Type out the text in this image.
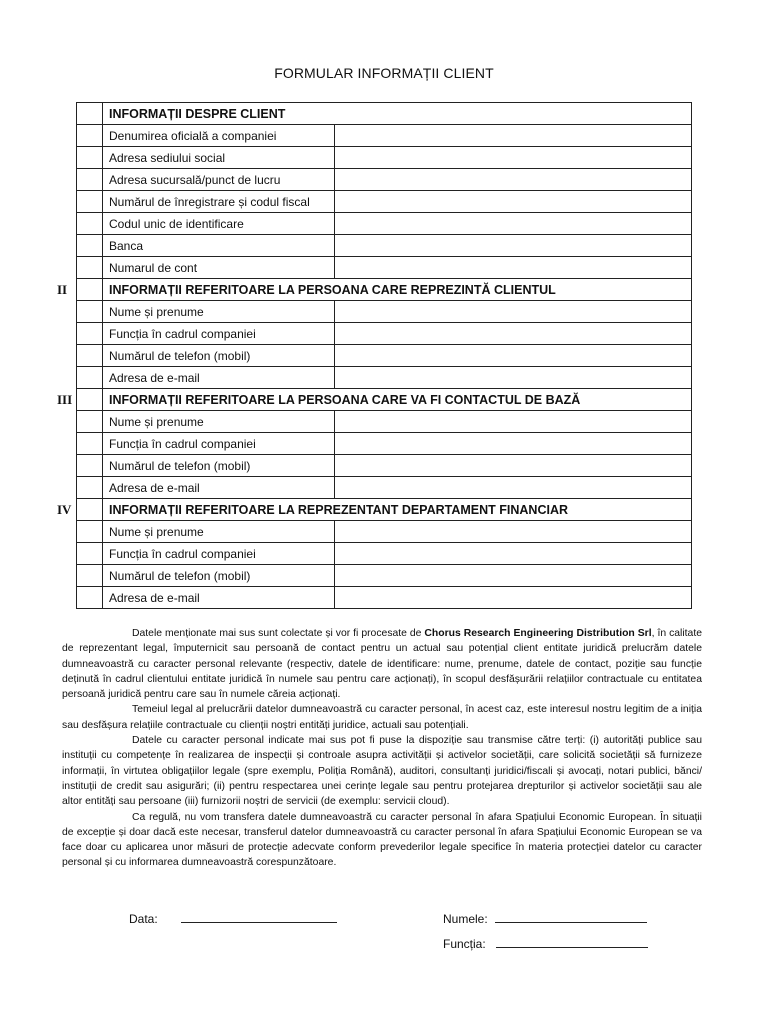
FORMULAR INFORMAȚII CLIENT
	INFORMAȚII DESPRE CLIENT	
	Denumirea oficială a companiei	
	Adresa sediului social	
	Adresa sucursală/punct de lucru	
	Numărul de înregistrare și codul fiscal	
	Codul unic de identificare	
	Banca	
	Numarul de cont	

II	INFORMAȚII REFERITOARE LA PERSOANA CARE REPREZINTĂ CLIENTUL	
	Nume și prenume	
	Funcția în cadrul companiei	
	Numărul de telefon (mobil)	
	Adresa de e-mail	

III	INFORMAȚII REFERITOARE LA PERSOANA CARE VA FI CONTACTUL DE BAZĂ	
	Nume și prenume	
	Funcția în cadrul companiei	
	Numărul de telefon (mobil)	
	Adresa de e-mail	

IV	INFORMAȚII REFERITOARE LA REPREZENTANT DEPARTAMENT FINANCIAR	
	Nume și prenume	
	Funcția în cadrul companiei	
	Numărul de telefon (mobil)	
	Adresa de e-mail	

Datele menționate mai sus sunt colectate și vor fi procesate de Chorus Research Engineering Distribution Srl, în calitate de reprezentant legal, împuternicit sau persoană de contact pentru un actual sau potențial client entitate juridică prelucrăm datele dumneavoastră cu caracter personal relevante (respectiv, datele de identificare: nume, prenume, datele de contact, poziție sau funcție deținută în cadrul clientului entitate juridică în numele sau pentru care acționați), în scopul desfășurării relațiilor contractuale cu entitatea persoană juridică pentru care sau în numele căreia acționați.

Temeiul legal al prelucrării datelor dumneavoastră cu caracter personal, în acest caz, este interesul nostru legitim de a iniția sau desfășura relațiile contractuale cu clienții noștri entități juridice, actuali sau potențiali.

Datele cu caracter personal indicate mai sus pot fi puse la dispoziție sau transmise către terți: (i) autorități publice sau instituții cu competențe în realizarea de inspecții și controale asupra activității și activelor societății, care solicită societății să furnizeze informații, în virtutea obligațiilor legale (spre exemplu, Poliția Română), auditori, consultanți juridici/fiscali și avocați, notari publici, bănci/ instituții de credit sau asigurări; (ii) pentru respectarea unei cerințe legale sau pentru protejarea drepturilor și activelor societății sau ale altor entități sau persoane (iii) furnizorii noștri de servicii (de exemplu: servicii cloud).

Ca regulă, nu vom transfera datele dumneavoastră cu caracter personal în afara Spațiului Economic European. În situații de excepție și doar dacă este necesar, transferul datelor dumneavoastră cu caracter personal în afara Spațiului Economic European se va face doar cu aplicarea unor măsuri de protecție adecvate conform prevederilor legale specifice în materia protecției datelor cu caracter personal și cu informarea dumneavoastră corespunzătoare.

Data:	Numele:
Funcția:
